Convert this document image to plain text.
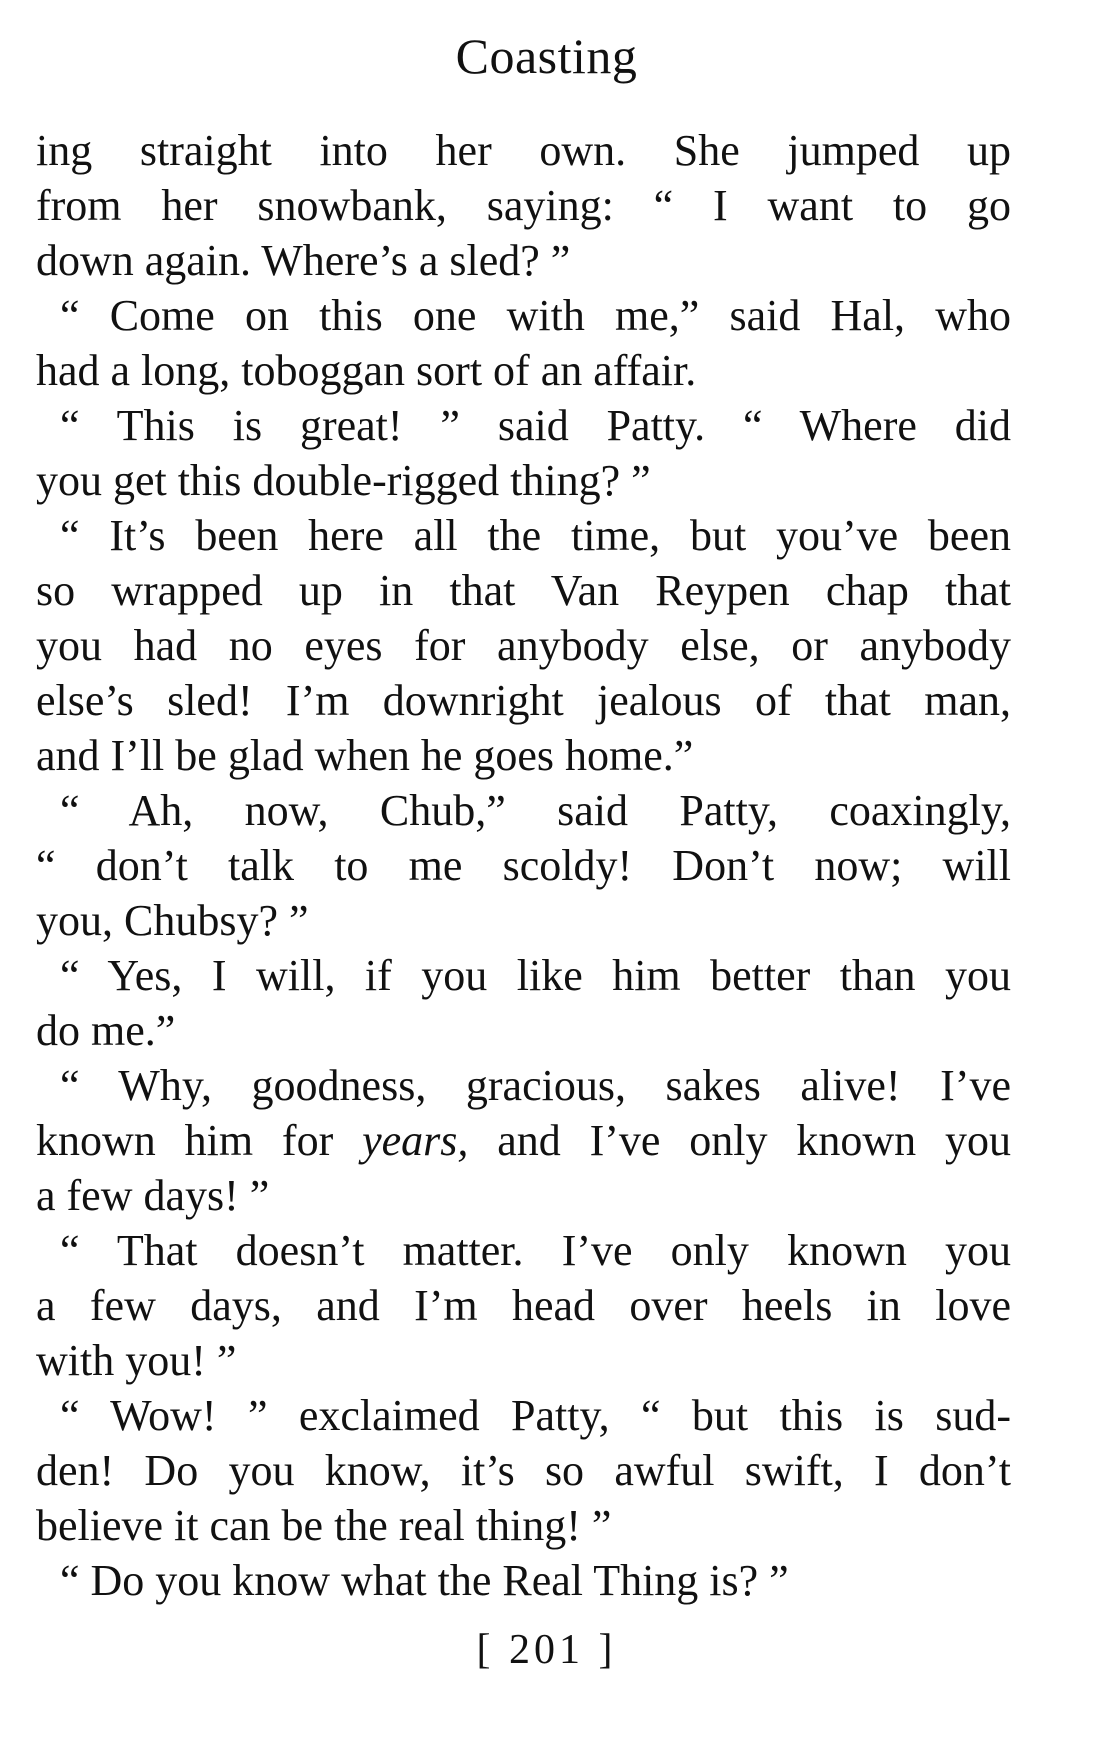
Coasting
ing straight into her own. She jumped up
from her snowbank, saying: “ I want to go
down again. Where’s a sled? ”
“ Come on this one with me,” said Hal, who
had a long, toboggan sort of an affair.
“ This is great! ” said Patty. “ Where did
you get this double-rigged thing? ”
“ It’s been here all the time, but you’ve been
so wrapped up in that Van Reypen chap that
you had no eyes for anybody else, or anybody
else’s sled! I’m downright jealous of that man,
and I’ll be glad when he goes home.”
“ Ah, now, Chub,” said Patty, coaxingly,
“ don’t talk to me scoldy! Don’t now; will
you, Chubsy? ”
“ Yes, I will, if you like him better than you
do me.”
“ Why, goodness, gracious, sakes alive! I’ve
known him for years, and I’ve only known you
a few days! ”
“ That doesn’t matter. I’ve only known you
a few days, and I’m head over heels in love
with you! ”
“ Wow! ” exclaimed Patty, “ but this is sud-
den! Do you know, it’s so awful swift, I don’t
believe it can be the real thing! ”
“ Do you know what the Real Thing is? ”
[ 201 ]
